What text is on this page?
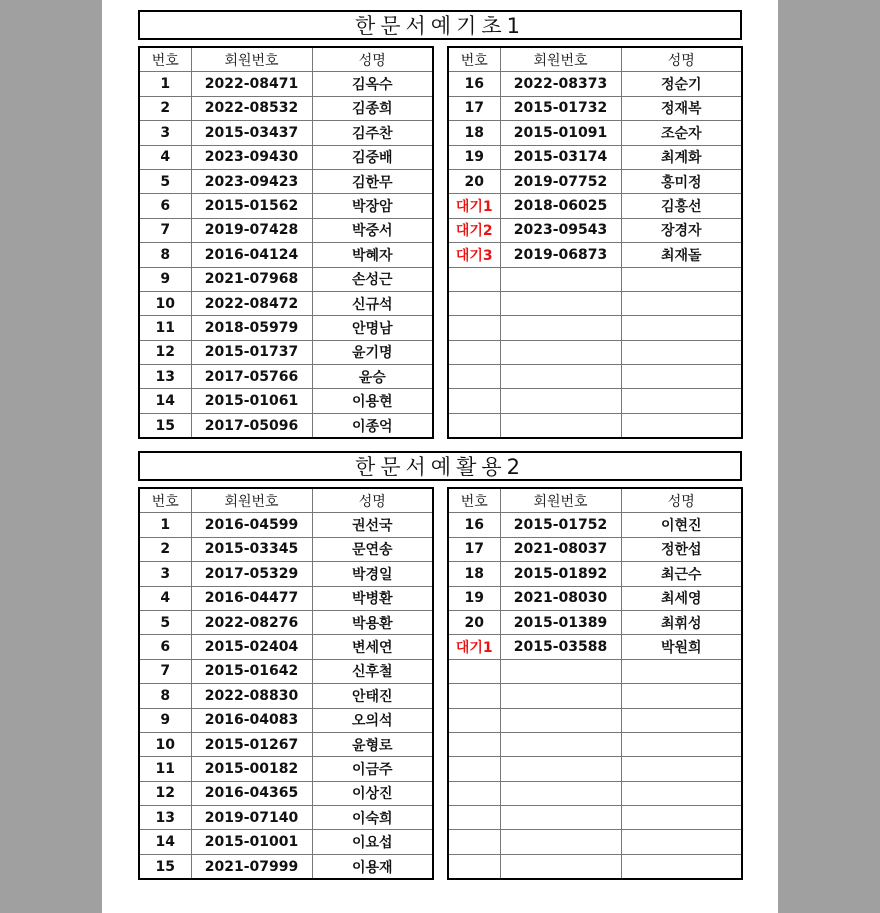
한문서예기초1
번호	회원번호	성명
1	2022-08471	김옥수
2	2022-08532	김종희
3	2015-03437	김주찬
4	2023-09430	김중배
5	2023-09423	김한무
6	2015-01562	박장암
7	2019-07428	박중서
8	2016-04124	박혜자
9	2021-07968	손성근
10	2022-08472	신규석
11	2018-05979	안명남
12	2015-01737	윤기명
13	2017-05766	윤승
14	2015-01061	이용현
15	2017-05096	이종억
번호	회원번호	성명
16	2022-08373	정순기
17	2015-01732	정재복
18	2015-01091	조순자
19	2015-03174	최계화
20	2019-07752	홍미정
대기1	2018-06025	김홍선
대기2	2023-09543	장경자
대기3	2019-06873	최재돌

한문서예활용2
번호	회원번호	성명
1	2016-04599	권선국
2	2015-03345	문연송
3	2017-05329	박경일
4	2016-04477	박병환
5	2022-08276	박용환
6	2015-02404	변세연
7	2015-01642	신후철
8	2022-08830	안태진
9	2016-04083	오의석
10	2015-01267	윤형로
11	2015-00182	이금주
12	2016-04365	이상진
13	2019-07140	이숙희
14	2015-01001	이요섭
15	2021-07999	이용재
번호	회원번호	성명
16	2015-01752	이현진
17	2021-08037	정한섭
18	2015-01892	최근수
19	2021-08030	최세영
20	2015-01389	최휘성
대기1	2015-03588	박원희
